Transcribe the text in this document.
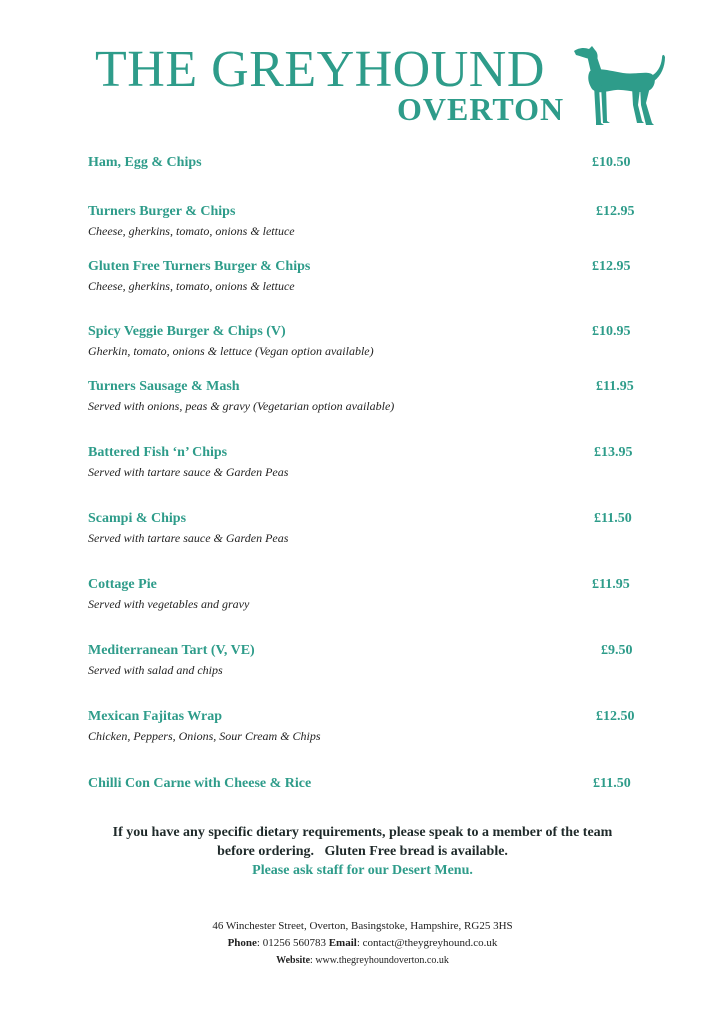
THE GREYHOUND
OVERTON
Ham, Egg & Chips	£10.50
Turners Burger & Chips	£12.95
Cheese, gherkins, tomato, onions & lettuce
Gluten Free Turners Burger & Chips	£12.95
Cheese, gherkins, tomato, onions & lettuce
Spicy Veggie Burger & Chips (V)	£10.95
Gherkin, tomato, onions & lettuce (Vegan option available)
Turners Sausage & Mash	£11.95
Served with onions, peas & gravy (Vegetarian option available)
Battered Fish ‘n’ Chips	£13.95
Served with tartare sauce & Garden Peas
Scampi & Chips	£11.50
Served with tartare sauce & Garden Peas
Cottage Pie	£11.95
Served with vegetables and gravy
Mediterranean Tart (V, VE)	£9.50
Served with salad and chips
Mexican Fajitas Wrap	£12.50
Chicken, Peppers, Onions, Sour Cream & Chips
Chilli Con Carne with Cheese & Rice	£11.50
If you have any specific dietary requirements, please speak to a member of the team
before ordering.   Gluten Free bread is available.
Please ask staff for our Desert Menu.
46 Winchester Street, Overton, Basingstoke, Hampshire, RG25 3HS
Phone: 01256 560783 Email: contact@theygreyhound.co.uk
Website: www.thegreyhoundoverton.co.uk
